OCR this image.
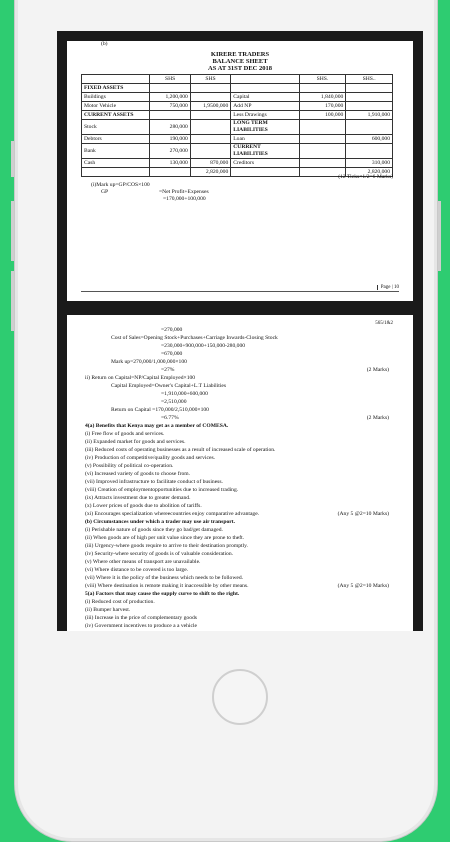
(b)
KIRERE TRADERS
BALANCE SHEET
AS AT 31ST DEC 2018
	SHS	SHS		SHS.	SHS..
FIXED ASSETS					
Buildings	1,200,000		Capital	1,840,000	
Motor Vehicle	750,000	1,9500,000	Add NP	170,000	
CURRENT ASSETS			Less Drawings	100,000	1,910,000
Stock	280,000		LONG TERM LIABILITIES		
Debtors	190,000		Loan		600,000
Bank	270,000		CURRENT LIABILITIES		
Cash	130,000	870,000	Creditors		310,000
		2,820,000			2,820,000
(12 Ticks×1/2=6 Marks)
(i)Mark up=GP/COS×100
GP	=Net Profit+Expenses
=170,000+100,000
Page | 10
565/1&2
=270,000
Cost of Sales=Opening Stock+Purchases+Carriage Inwards-Closing Stock
=230,000+900,000+150,000-280,000
=670,000
Mark up=270,000/1,000,000×100
=27%	(2 Marks)
ii) Return on Capital=NP/Capital Employed×100
Capital Employed=Owner's Capital+L.T Liabilities
=1,910,000+600,000
=2,510,000
Return on Capital =170,000/2,510,000×100
=6.77%	(2 Marks)
4(a) Benefits that Kenya may get as a member of COMESA.
(i) Free flow of goods and services.
(ii) Expanded market for goods and services.
(iii) Reduced costs of operating businesses as a result of increased scale of operation.
(iv) Production of competitive/quality goods and services.
(v) Possibility of political co-operation.
(vi) Increased variety of goods to choose from.
(vii) Improved infrastructure to facilitate conduct of business.
(viii) Creation of employmentopportunities due to increased trading.
(ix) Attracts investment due to greater demand.
(x) Lower prices of goods due to abolition of tariffs.
(xi) Encourages specialization whereecountries enjoy comparative advantage.	(Any 5 @2=10 Marks)
(b) Circumstances under which a trader may use air transport.
(i) Perishable nature of goods since they go bad/get damaged.
(ii) When goods are of high per unit value since they are prone to theft.
(iii) Urgency-where goods require to arrive to their destination promptly.
(iv) Security-where security of goods is of valuable consideration.
(v) Where other means of transport are unavailable.
(vi) Where distance to be covered is too large.
(vii) Where it is the policy of the business which needs to be followed.
(viii) Where destination is remote making it inaccessible by other means.	(Any 5 @2=10 Marks)
5(a) Factors that may cause the supply curve to shift to the right.
(i) Reduced cost of production.
(ii) Bumper harvest.
(iii) Increase in the price of complementary goods
(iv) Government incentives to produce a a vehicle
